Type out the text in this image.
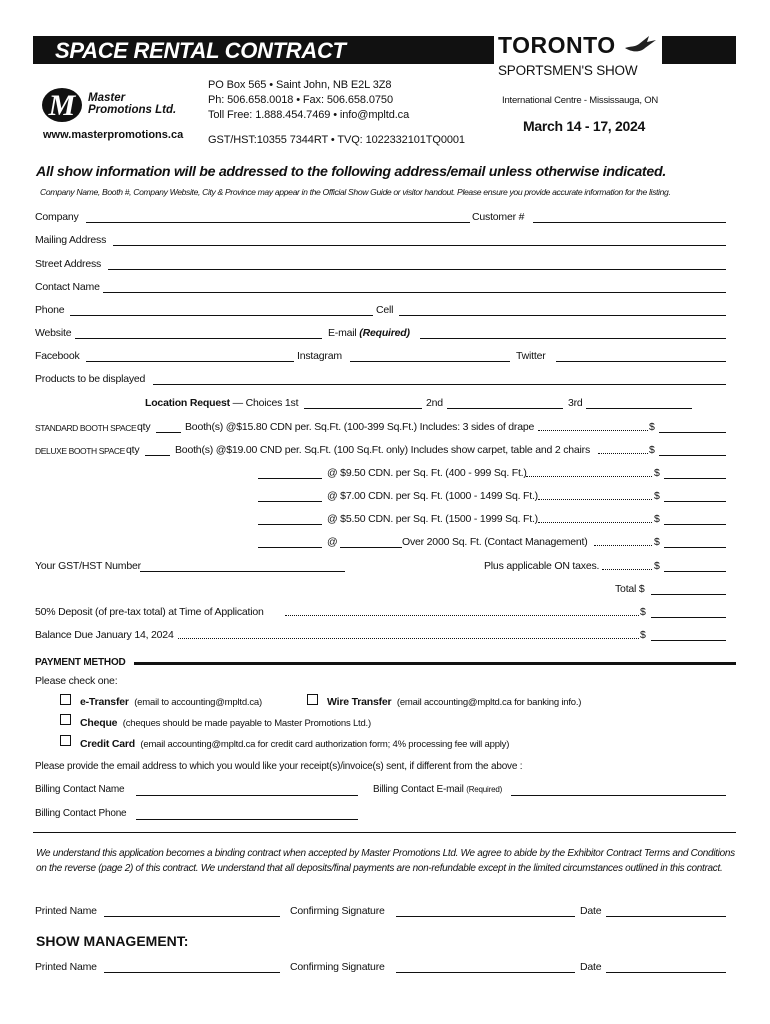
SPACE RENTAL CONTRACT	TORONTO
SPORTSMEN'S SHOW
International Centre - Mississauga, ON
March 14 - 17, 2024
PO Box 565 • Saint John, NB E2L 3Z8
Ph: 506.658.0018 • Fax: 506.658.0750
Toll Free: 1.888.454.7469 • info@mpltd.ca
GST/HST:10355 7344RT • TVQ: 1022332101TQ0001
M Master
Promotions Ltd.
www.masterpromotions.ca
All show information will be addressed to the following address/email unless otherwise indicated.
Company Name, Booth #, Company Website, City & Province may appear in the Official Show Guide or visitor handout. Please ensure you provide accurate information for the listing.
Company	Customer #
Mailing Address
Street Address
Contact Name
Phone	Cell
Website	E-mail (Required)
Facebook	Instagram	Twitter
Products to be displayed
Location Request — Choices 1st	2nd	3rd
STANDARD BOOTH SPACE qty	Booth(s) @$15.80 CDN per. Sq.Ft. (100-399 Sq.Ft.) Includes: 3 sides of drape	$
DELUXE BOOTH SPACE qty	Booth(s) @$19.00 CND per. Sq.Ft. (100 Sq.Ft. only) Includes show carpet, table and 2 chairs	$
@ $9.50 CDN. per Sq. Ft. (400 - 999 Sq. Ft.)	$
@ $7.00 CDN. per Sq. Ft. (1000 - 1499 Sq. Ft.)	$
@ $5.50 CDN. per Sq. Ft. (1500 - 1999 Sq. Ft.)	$
@	Over 2000 Sq. Ft. (Contact Management)	$
Your GST/HST Number	Plus applicable ON taxes.	$
Total $
50% Deposit (of pre-tax total) at Time of Application	$
Balance Due January 14, 2024	$
PAYMENT METHOD
Please check one:
e-Transfer (email to accounting@mpltd.ca)	Wire Transfer (email accounting@mpltd.ca for banking info.)
Cheque (cheques should be made payable to Master Promotions Ltd.)
Credit Card (email accounting@mpltd.ca for credit card authorization form; 4% processing fee will apply)
Please provide the email address to which you would like your receipt(s)/invoice(s) sent, if different from the above :
Billing Contact Name	Billing Contact E-mail (Required)
Billing Contact Phone
We understand this application becomes a binding contract when accepted by Master Promotions Ltd. We agree to abide by the Exhibitor Contract Terms and Conditions on the reverse (page 2) of this contract. We understand that all deposits/final payments are non-refundable except in the limited circumstances outlined in this contract.
Printed Name	Confirming Signature	Date
SHOW MANAGEMENT:
Printed Name	Confirming Signature	Date
